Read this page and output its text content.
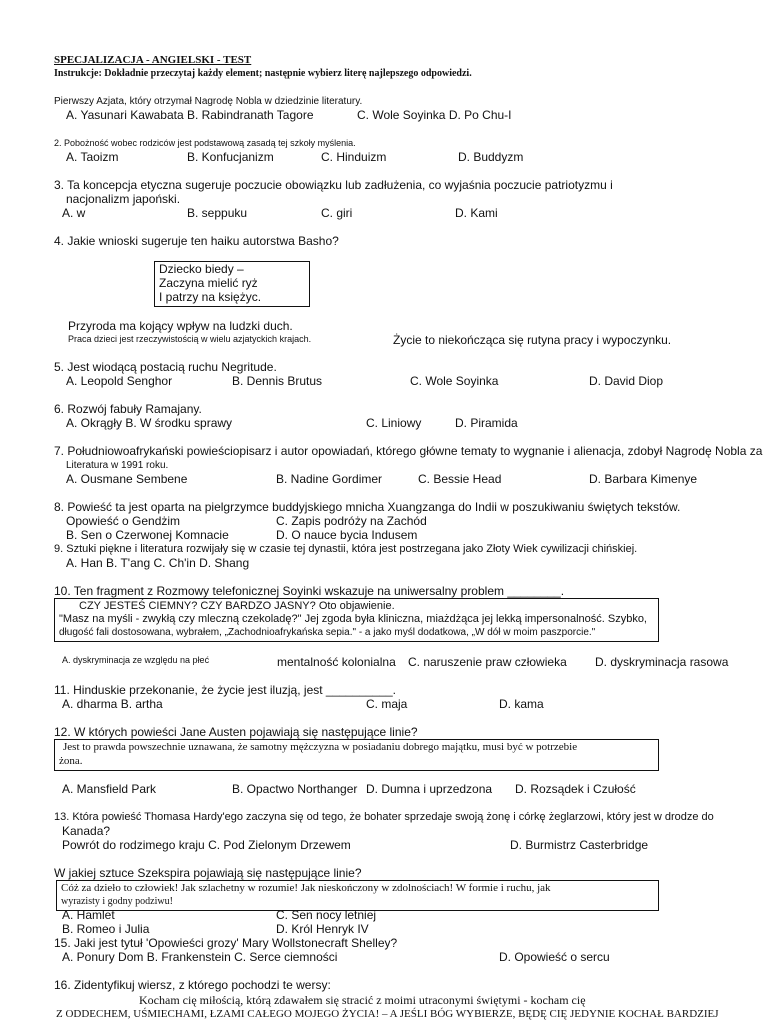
SPECJALIZACJA - ANGIELSKI - TEST
Instrukcje: Dokładnie przeczytaj każdy element; następnie wybierz literę najlepszego odpowiedzi.
Pierwszy Azjata, który otrzymał Nagrodę Nobla w dziedzinie literatury.
A. Yasunari Kawabata B. Rabindranath Tagore	C. Wole Soyinka D. Po Chu-I
2. Pobożność wobec rodziców jest podstawową zasadą tej szkoły myślenia.
A. Taoizm	B. Konfucjanizm	C. Hinduizm	D. Buddyzm
3. Ta koncepcja etyczna sugeruje poczucie obowiązku lub zadłużenia, co wyjaśnia poczucie patriotyzmu i
nacjonalizm japoński.
A. w	B. seppuku	C. giri	D. Kami
4. Jakie wnioski sugeruje ten haiku autorstwa Basho?
Dziecko biedy –
Zaczyna mielić ryż
I patrzy na księżyc.
Przyroda ma kojący wpływ na ludzki duch.
Praca dzieci jest rzeczywistością w wielu azjatyckich krajach.	Życie to niekończąca się rutyna pracy i wypoczynku.
5. Jest wiodącą postacią ruchu Negritude.
A. Leopold Senghor	B. Dennis Brutus	C. Wole Soyinka	D. David Diop
6. Rozwój fabuły Ramajany.
A. Okrągły B. W środku sprawy	C. Liniowy	D. Piramida
7. Południowoafrykański powieściopisarz i autor opowiadań, którego główne tematy to wygnanie i alienacja, zdobył Nagrodę Nobla za
Literatura w 1991 roku.
A. Ousmane Sembene	B. Nadine Gordimer	C. Bessie Head	D. Barbara Kimenye
8. Powieść ta jest oparta na pielgrzymce buddyjskiego mnicha Xuangzanga do Indii w poszukiwaniu świętych tekstów.
Opowieść o Gendżim	C. Zapis podróży na Zachód
B. Sen o Czerwonej Komnacie	D. O nauce bycia Indusem
9. Sztuki piękne i literatura rozwijały się w czasie tej dynastii, która jest postrzegana jako Złoty Wiek cywilizacji chińskiej.
A. Han B. T'ang C. Ch'in D. Shang
10. Ten fragment z Rozmowy telefonicznej Soyinki wskazuje na uniwersalny problem ________.
CZY JESTEŚ CIEMNY? CZY BARDZO JASNY? Oto objawienie.
"Masz na myśli - zwykłą czy mleczną czekoladę?" Jej zgoda była kliniczna, miażdżąca jej lekką impersonalność. Szybko,
długość fali dostosowana, wybrałem, „Zachodnioafrykańska sepia." - a jako myśl dodatkowa, „W dół w moim paszporcie."
A. dyskryminacja ze względu na płeć	mentalność kolonialna C. naruszenie praw człowieka D. dyskryminacja rasowa
11. Hinduskie przekonanie, że życie jest iluzją, jest __________.
A. dharma B. artha	C. maja	D. kama
12. W których powieści Jane Austen pojawiają się następujące linie?
Jest to prawda powszechnie uznawana, że samotny mężczyzna w posiadaniu dobrego majątku, musi być w potrzebie
żona.
A. Mansfield Park	B. Opactwo Northanger D. Dumna i uprzedzona D. Rozsądek i Czułość
13. Która powieść Thomasa Hardy'ego zaczyna się od tego, że bohater sprzedaje swoją żonę i córkę żeglarzowi, który jest w drodze do
Kanada?
Powrót do rodzimego kraju C. Pod Zielonym Drzewem	D. Burmistrz Casterbridge
W jakiej sztuce Szekspira pojawiają się następujące linie?
Cóż za dzieło to człowiek! Jak szlachetny w rozumie! Jak nieskończony w zdolnościach! W formie i ruchu, jak
wyrazisty i godny podziwu!
A. Hamlet	C. Sen nocy letniej
B. Romeo i Julia	D. Król Henryk IV
15. Jaki jest tytuł 'Opowieści grozy' Mary Wollstonecraft Shelley?
A. Ponury Dom B. Frankenstein C. Serce ciemności	D. Opowieść o sercu
16. Zidentyfikuj wiersz, z którego pochodzi te wersy:
Kocham cię miłością, którą zdawałem się stracić z moimi utraconymi świętymi - kocham cię
Z ODDECHEM, UŚMIECHAMI, ŁZAMI CAŁEGO MOJEGO ŻYCIA! – A JEŚLI BÓG WYBIERZE, BĘDĘ CIĘ JEDYNIE KOCHAŁ BARDZIEJ
